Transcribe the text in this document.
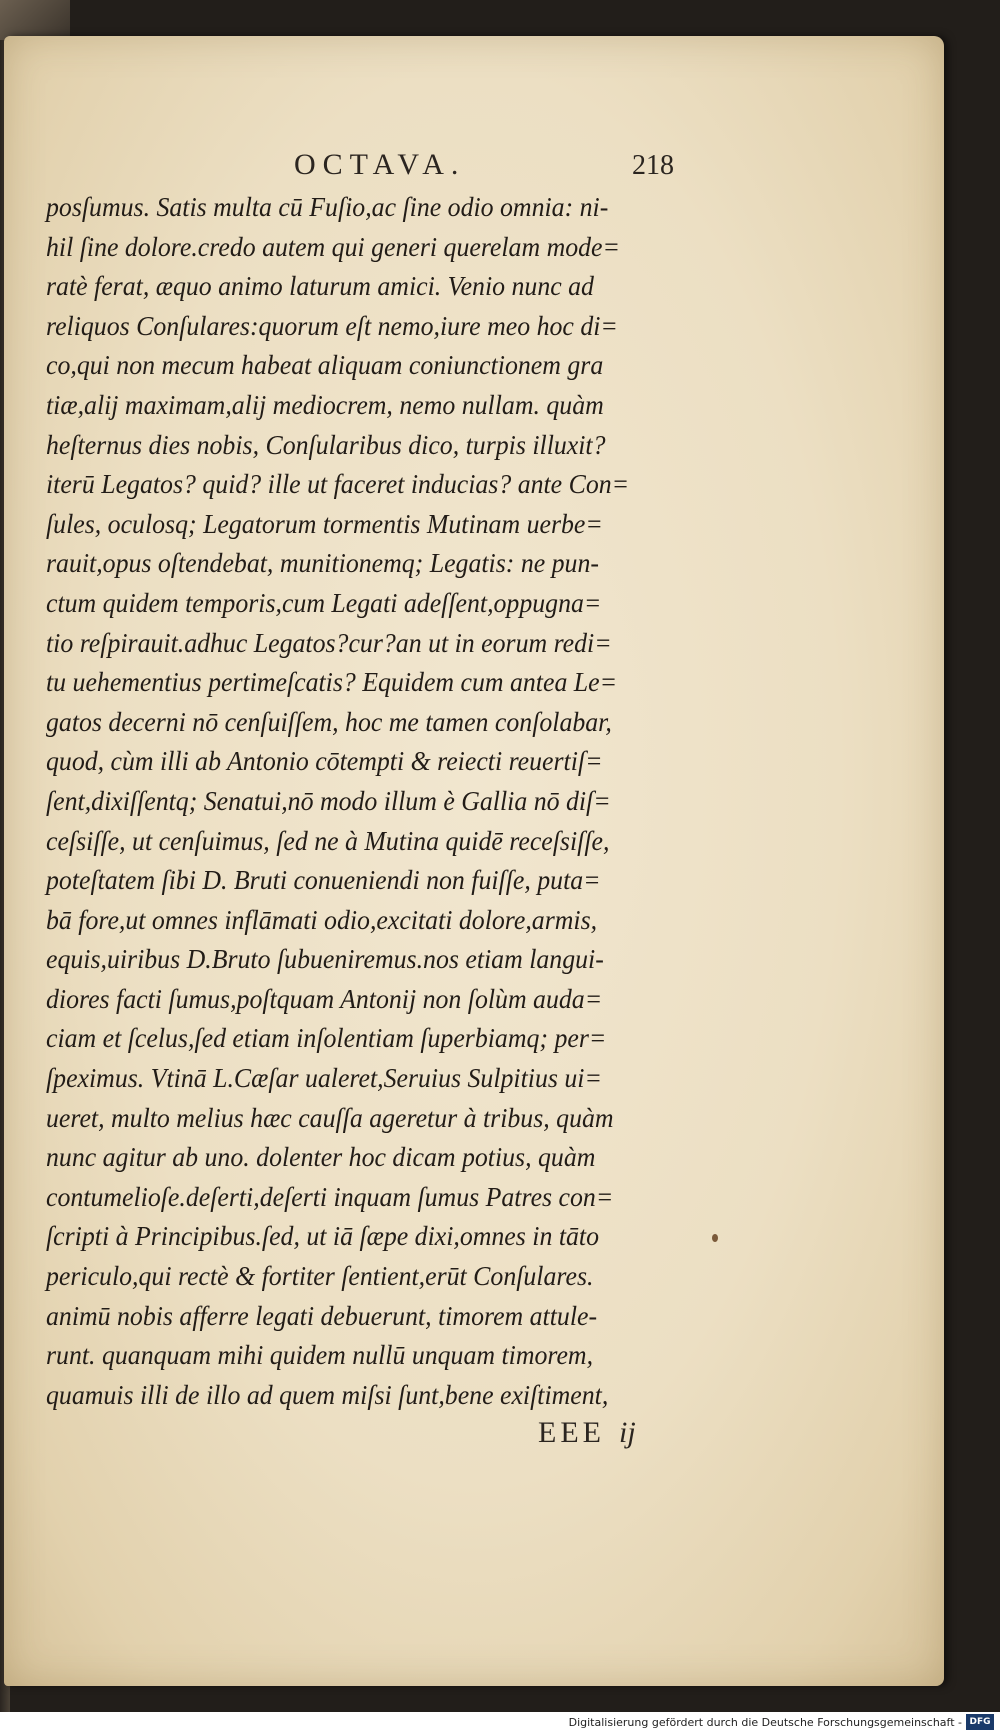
OCTAVA.	218
posſumus. Satis multa cū Fuſio,ac ſine odio omnia: ni-
hil ſine dolore.credo autem qui generi querelam mode=
ratè ferat, æquo animo laturum amici. Venio nunc ad
reliquos Conſulares:quorum eſt nemo,iure meo hoc di=
co,qui non mecum habeat aliquam coniunctionem gra
tiæ,alij maximam,alij mediocrem, nemo nullam. quàm
heſternus dies nobis, Conſularibus dico, turpis illuxit?
iterū Legatos? quid? ille ut faceret inducias? ante Con=
ſules, oculosq; Legatorum tormentis Mutinam uerbe=
rauit,opus oſtendebat, munitionemq; Legatis: ne pun-
ctum quidem temporis,cum Legati adeſſent,oppugna=
tio reſpirauit.adhuc Legatos?cur?an ut in eorum redi=
tu uehementius pertimeſcatis? Equidem cum antea Le=
gatos decerni nō cenſuiſſem, hoc me tamen conſolabar,
quod, cùm illi ab Antonio cōtempti & reiecti reuertiſ=
ſent,dixiſſentq; Senatui,nō modo illum è Gallia nō diſ=
ceſsiſſe, ut cenſuimus, ſed ne à Mutina quidē receſsiſſe,
poteſtatem ſibi D. Bruti conueniendi non fuiſſe, puta=
bā fore,ut omnes inflāmati odio,excitati dolore,armis,
equis,uiribus D.Bruto ſubueniremus.nos etiam langui-
diores facti ſumus,poſtquam Antonij non ſolùm auda=
ciam et ſcelus,ſed etiam inſolentiam ſuperbiamq; per=
ſpeximus. Vtinā L.Cæſar ualeret,Seruius Sulpitius ui=
ueret, multo melius hæc cauſſa ageretur à tribus, quàm
nunc agitur ab uno. dolenter hoc dicam potius, quàm
contumelioſe.deſerti,deſerti inquam ſumus Patres con=
ſcripti à Principibus.ſed, ut iā ſæpe dixi,omnes in tāto
periculo,qui rectè & fortiter ſentient,erūt Conſulares.
animū nobis afferre legati debuerunt, timorem attule-
runt. quanquam mihi quidem nullū unquam timorem,
quamuis illi de illo ad quem miſsi ſunt,bene exiſtiment,
EEE ij
Digitalisierung gefördert durch die Deutsche Forschungsgemeinschaft - DFG
